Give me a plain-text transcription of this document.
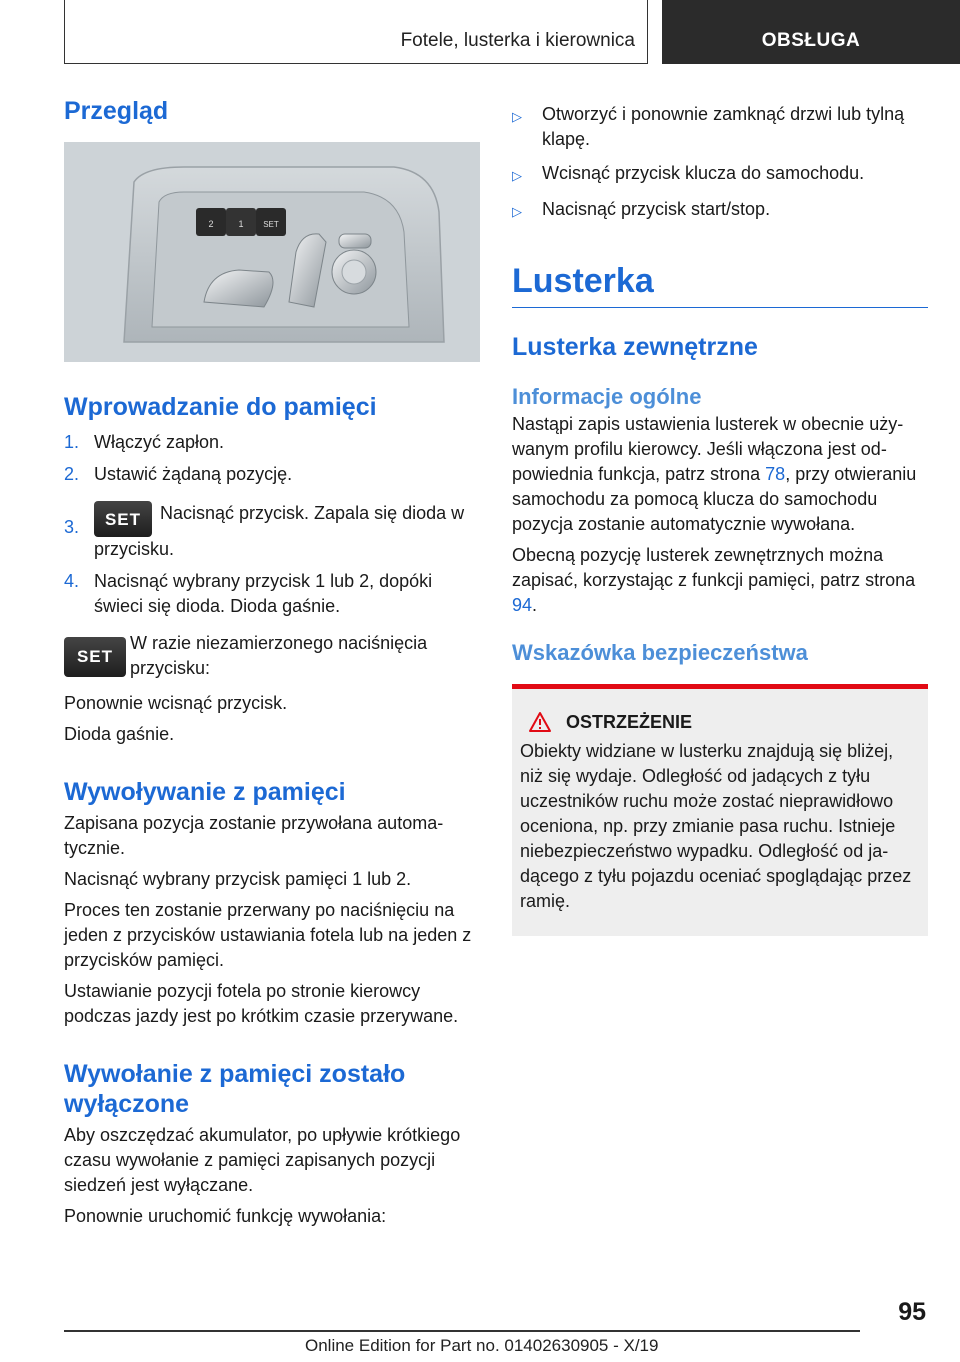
Fotele, lusterka i kierownica	OBSŁUGA
Przegląd
2	1 SET
Wprowadzanie do pamięci
1. Włączyć zapłon.
2. Ustawić żądaną pozycję.
3.	SET Nacisnąć przycisk. Zapala się dioda w przycisku.
4. Nacisnąć wybrany przycisk 1 lub 2, dopóki świeci się dioda. Dioda gaśnie.
SET

W razie niezamierzonego naciśnięcia przycisku:

Ponownie wcisnąć przycisk.

Dioda gaśnie.

Wywoływanie z pamięci

Zapisana pozycja zostanie przywołana automatycznie.

Nacisnąć wybrany przycisk pamięci 1 lub 2.

Proces ten zostanie przerwany po naciśnięciu na jeden z przycisków ustawiania fotela lub na jeden z przycisków pamięci.

Ustawianie pozycji fotela po stronie kierowcy podczas jazdy jest po krótkim czasie przerywane.

Wywołanie z pamięci zostało wyłączone

Aby oszczędzać akumulator, po upływie krótkiego czasu wywołanie z pamięci zapisanych pozycji siedzeń jest wyłączane.

Ponownie uruchomić funkcję wywołania:

▷	Otworzyć i ponownie zamknąć drzwi lub tylną klapę.
▷	Wcisnąć przycisk klucza do samochodu.
▷	Nacisnąć przycisk start/stop.
Lusterka
Lusterka zewnętrzne
Informacje ogólne

Nastąpi zapis ustawienia lusterek w obecnie używanym profilu kierowcy. Jeśli włączona jest odpowiednia funkcja, patrz strona 78, przy otwieraniu samochodu za pomocą klucza do samochodu pozycja zostanie automatycznie wywołana.

Obecną pozycję lusterek zewnętrznych można zapisać, korzystając z funkcji pamięci, patrz strona 94.

Wskazówka bezpieczeństwa
OSTRZEŻENIE

Obiekty widziane w lusterku znajdują się bliżej, niż się wydaje. Odległość od jadących z tyłu uczestników ruchu może zostać nieprawidłowo oceniona, np. przy zmianie pasa ruchu. Istnieje niebezpieczeństwo wypadku. Odległość od jadącego z tyłu pojazdu oceniać spoglądając przez ramię.

95
Online Edition for Part no. 01402630905 - X/19
